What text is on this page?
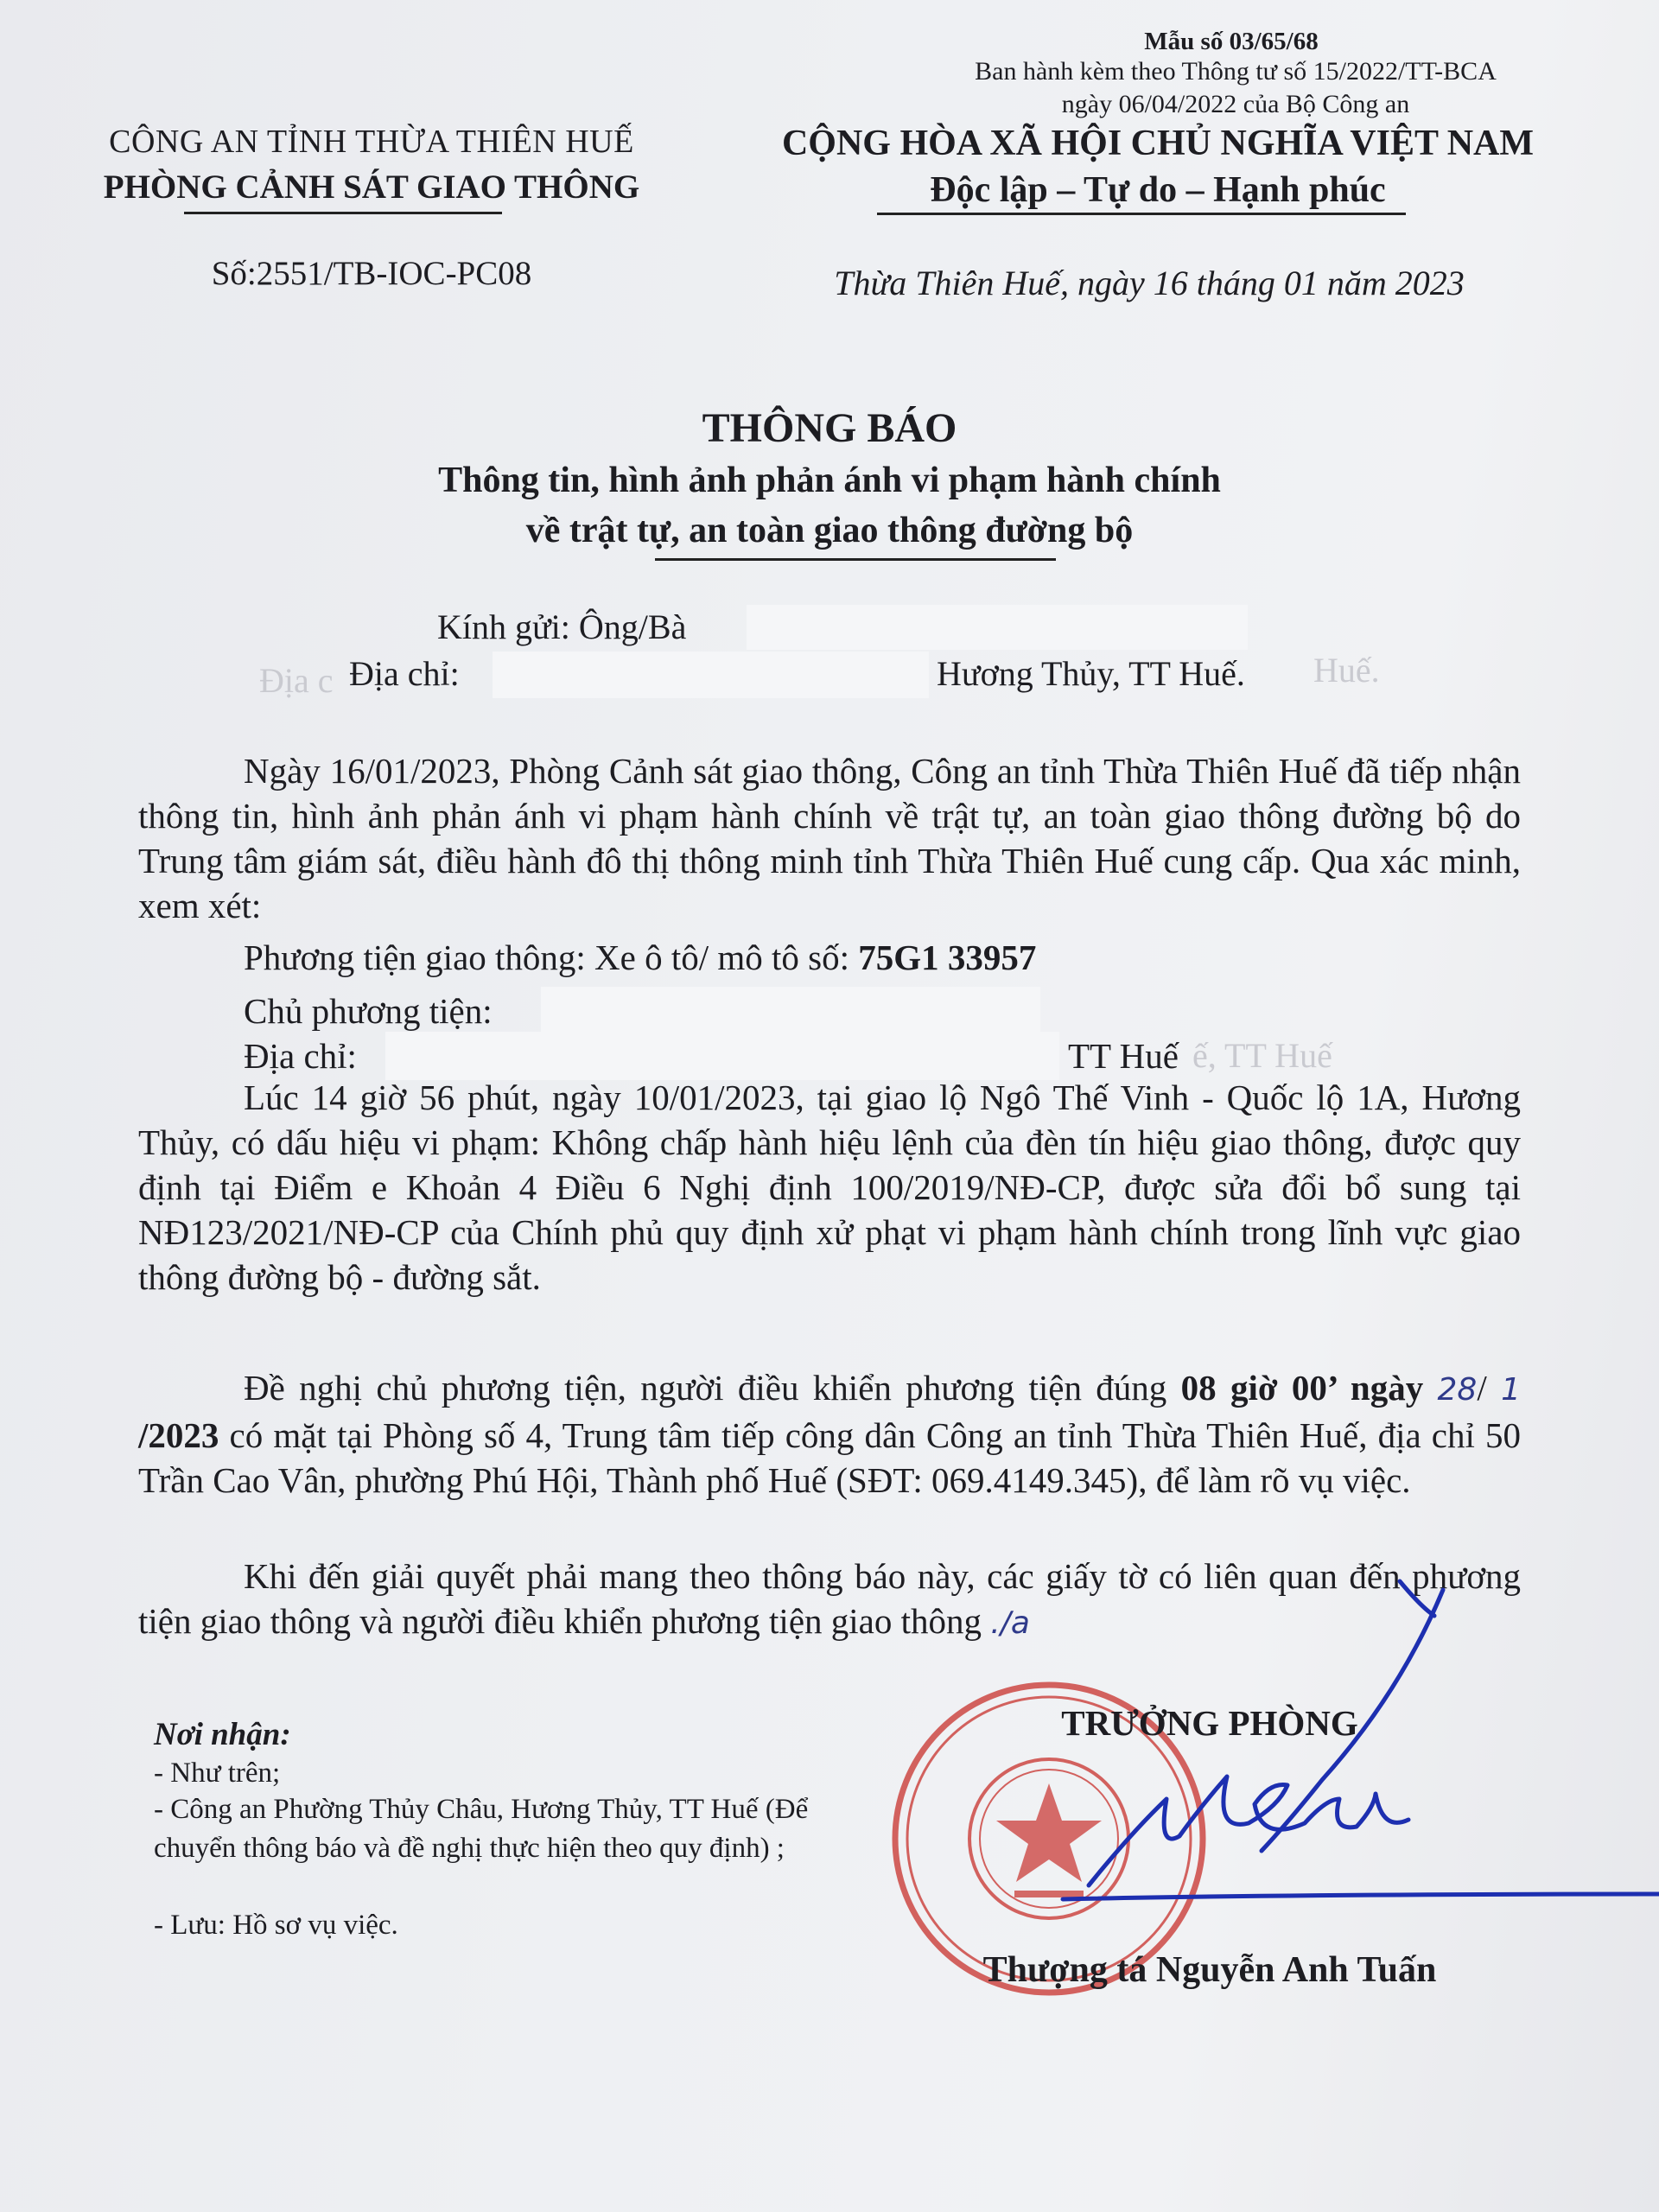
Mẫu số 03/65/68
Ban hành kèm theo Thông tư số 15/2022/TT-BCA
ngày 06/04/2022 của Bộ Công an
CÔNG AN TỈNH THỪA THIÊN HUẾ
PHÒNG CẢNH SÁT GIAO THÔNG
Số:2551/TB-IOC-PC08
CỘNG HÒA XÃ HỘI CHỦ NGHĨA VIỆT NAM
Độc lập – Tự do – Hạnh phúc
Thừa Thiên Huế, ngày 16 tháng 01 năm 2023
THÔNG BÁO
Thông tin, hình ảnh phản ánh vi phạm hành chính
về trật tự, an toàn giao thông đường bộ
Địa c	Huế.
ế, TT Huế
Kính gửi: Ông/Bà
Địa chỉ:	Hương Thủy, TT Huế.
Ngày 16/01/2023, Phòng Cảnh sát giao thông, Công an tỉnh Thừa Thiên Huế đã tiếp nhận thông tin, hình ảnh phản ánh vi phạm hành chính về trật tự, an toàn giao thông đường bộ do Trung tâm giám sát, điều hành đô thị thông minh tỉnh Thừa Thiên Huế cung cấp. Qua xác minh, xem xét:
Phương tiện giao thông: Xe ô tô/ mô tô số: 75G1 33957
Chủ phương tiện:
Địa chỉ:	TT Huế
Lúc 14 giờ 56 phút, ngày 10/01/2023, tại giao lộ Ngô Thế Vinh - Quốc lộ 1A, Hương Thủy, có dấu hiệu vi phạm: Không chấp hành hiệu lệnh của đèn tín hiệu giao thông, được quy định tại Điểm e Khoản 4 Điều 6 Nghị định 100/2019/NĐ-CP, được sửa đổi bổ sung tại NĐ123/2021/NĐ-CP của Chính phủ quy định xử phạt vi phạm hành chính trong lĩnh vực giao thông đường bộ - đường sắt.
Đề nghị chủ phương tiện, người điều khiển phương tiện đúng 08 giờ 00’ ngày 28/ 1 /2023 có mặt tại Phòng số 4, Trung tâm tiếp công dân Công an tỉnh Thừa Thiên Huế, địa chỉ 50 Trần Cao Vân, phường Phú Hội, Thành phố Huế (SĐT: 069.4149.345), để làm rõ vụ việc.
Khi đến giải quyết phải mang theo thông báo này, các giấy tờ có liên quan đến phương tiện giao thông và người điều khiển phương tiện giao thông ./a
Nơi nhận:
- Như trên;
- Công an Phường Thủy Châu, Hương Thủy, TT Huế (Để chuyển thông báo và đề nghị thực hiện theo quy định) ;
- Lưu: Hồ sơ vụ việc.
TRƯỞNG PHÒNG
Thượng tá Nguyễn Anh Tuấn
